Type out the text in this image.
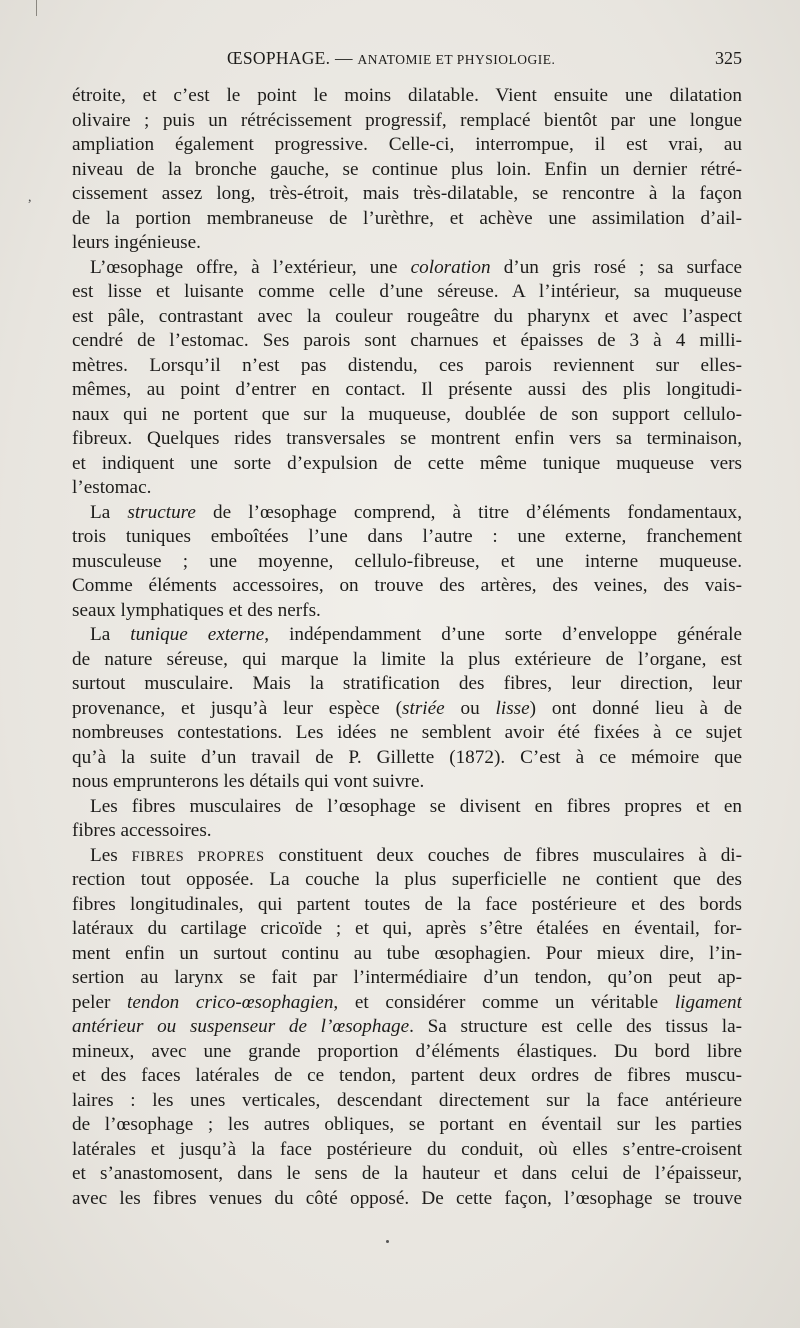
ŒSOPHAGE. — ANATOMIE ET PHYSIOLOGIE.	325
,
étroite, et c’est le point le moins dilatable. Vient ensuite une dilatation
olivaire ; puis un rétrécissement progressif, remplacé bientôt par une longue
ampliation également progressive. Celle-ci, interrompue, il est vrai, au
niveau de la bronche gauche, se continue plus loin. Enfin un dernier rétré-
cissement assez long, très-étroit, mais très-dilatable, se rencontre à la façon
de la portion membraneuse de l’urèthre, et achève une assimilation d’ail-
leurs ingénieuse.
L’œsophage offre, à l’extérieur, une coloration d’un gris rosé ; sa surface
est lisse et luisante comme celle d’une séreuse. A l’intérieur, sa muqueuse
est pâle, contrastant avec la couleur rougeâtre du pharynx et avec l’aspect
cendré de l’estomac. Ses parois sont charnues et épaisses de 3 à 4 milli-
mètres. Lorsqu’il n’est pas distendu, ces parois reviennent sur elles-
mêmes, au point d’entrer en contact. Il présente aussi des plis longitudi-
naux qui ne portent que sur la muqueuse, doublée de son support cellulo-
fibreux. Quelques rides transversales se montrent enfin vers sa terminaison,
et indiquent une sorte d’expulsion de cette même tunique muqueuse vers
l’estomac.
La structure de l’œsophage comprend, à titre d’éléments fondamentaux,
trois tuniques emboîtées l’une dans l’autre : une externe, franchement
musculeuse ; une moyenne, cellulo-fibreuse, et une interne muqueuse.
Comme éléments accessoires, on trouve des artères, des veines, des vais-
seaux lymphatiques et des nerfs.
La tunique externe, indépendamment d’une sorte d’enveloppe générale
de nature séreuse, qui marque la limite la plus extérieure de l’organe, est
surtout musculaire. Mais la stratification des fibres, leur direction, leur
provenance, et jusqu’à leur espèce (striée ou lisse) ont donné lieu à de
nombreuses contestations. Les idées ne semblent avoir été fixées à ce sujet
qu’à la suite d’un travail de P. Gillette (1872). C’est à ce mémoire que
nous emprunterons les détails qui vont suivre.
Les fibres musculaires de l’œsophage se divisent en fibres propres et en
fibres accessoires.
Les FIBRES PROPRES constituent deux couches de fibres musculaires à di-
rection tout opposée. La couche la plus superficielle ne contient que des
fibres longitudinales, qui partent toutes de la face postérieure et des bords
latéraux du cartilage cricoïde ; et qui, après s’être étalées en éventail, for-
ment enfin un surtout continu au tube œsophagien. Pour mieux dire, l’in-
sertion au larynx se fait par l’intermédiaire d’un tendon, qu’on peut ap-
peler tendon crico-œsophagien, et considérer comme un véritable ligament
antérieur ou suspenseur de l’œsophage. Sa structure est celle des tissus la-
mineux, avec une grande proportion d’éléments élastiques. Du bord libre
et des faces latérales de ce tendon, partent deux ordres de fibres muscu-
laires : les unes verticales, descendant directement sur la face antérieure
de l’œsophage ; les autres obliques, se portant en éventail sur les parties
latérales et jusqu’à la face postérieure du conduit, où elles s’entre-croisent
et s’anastomosent, dans le sens de la hauteur et dans celui de l’épaisseur,
avec les fibres venues du côté opposé. De cette façon, l’œsophage se trouve
